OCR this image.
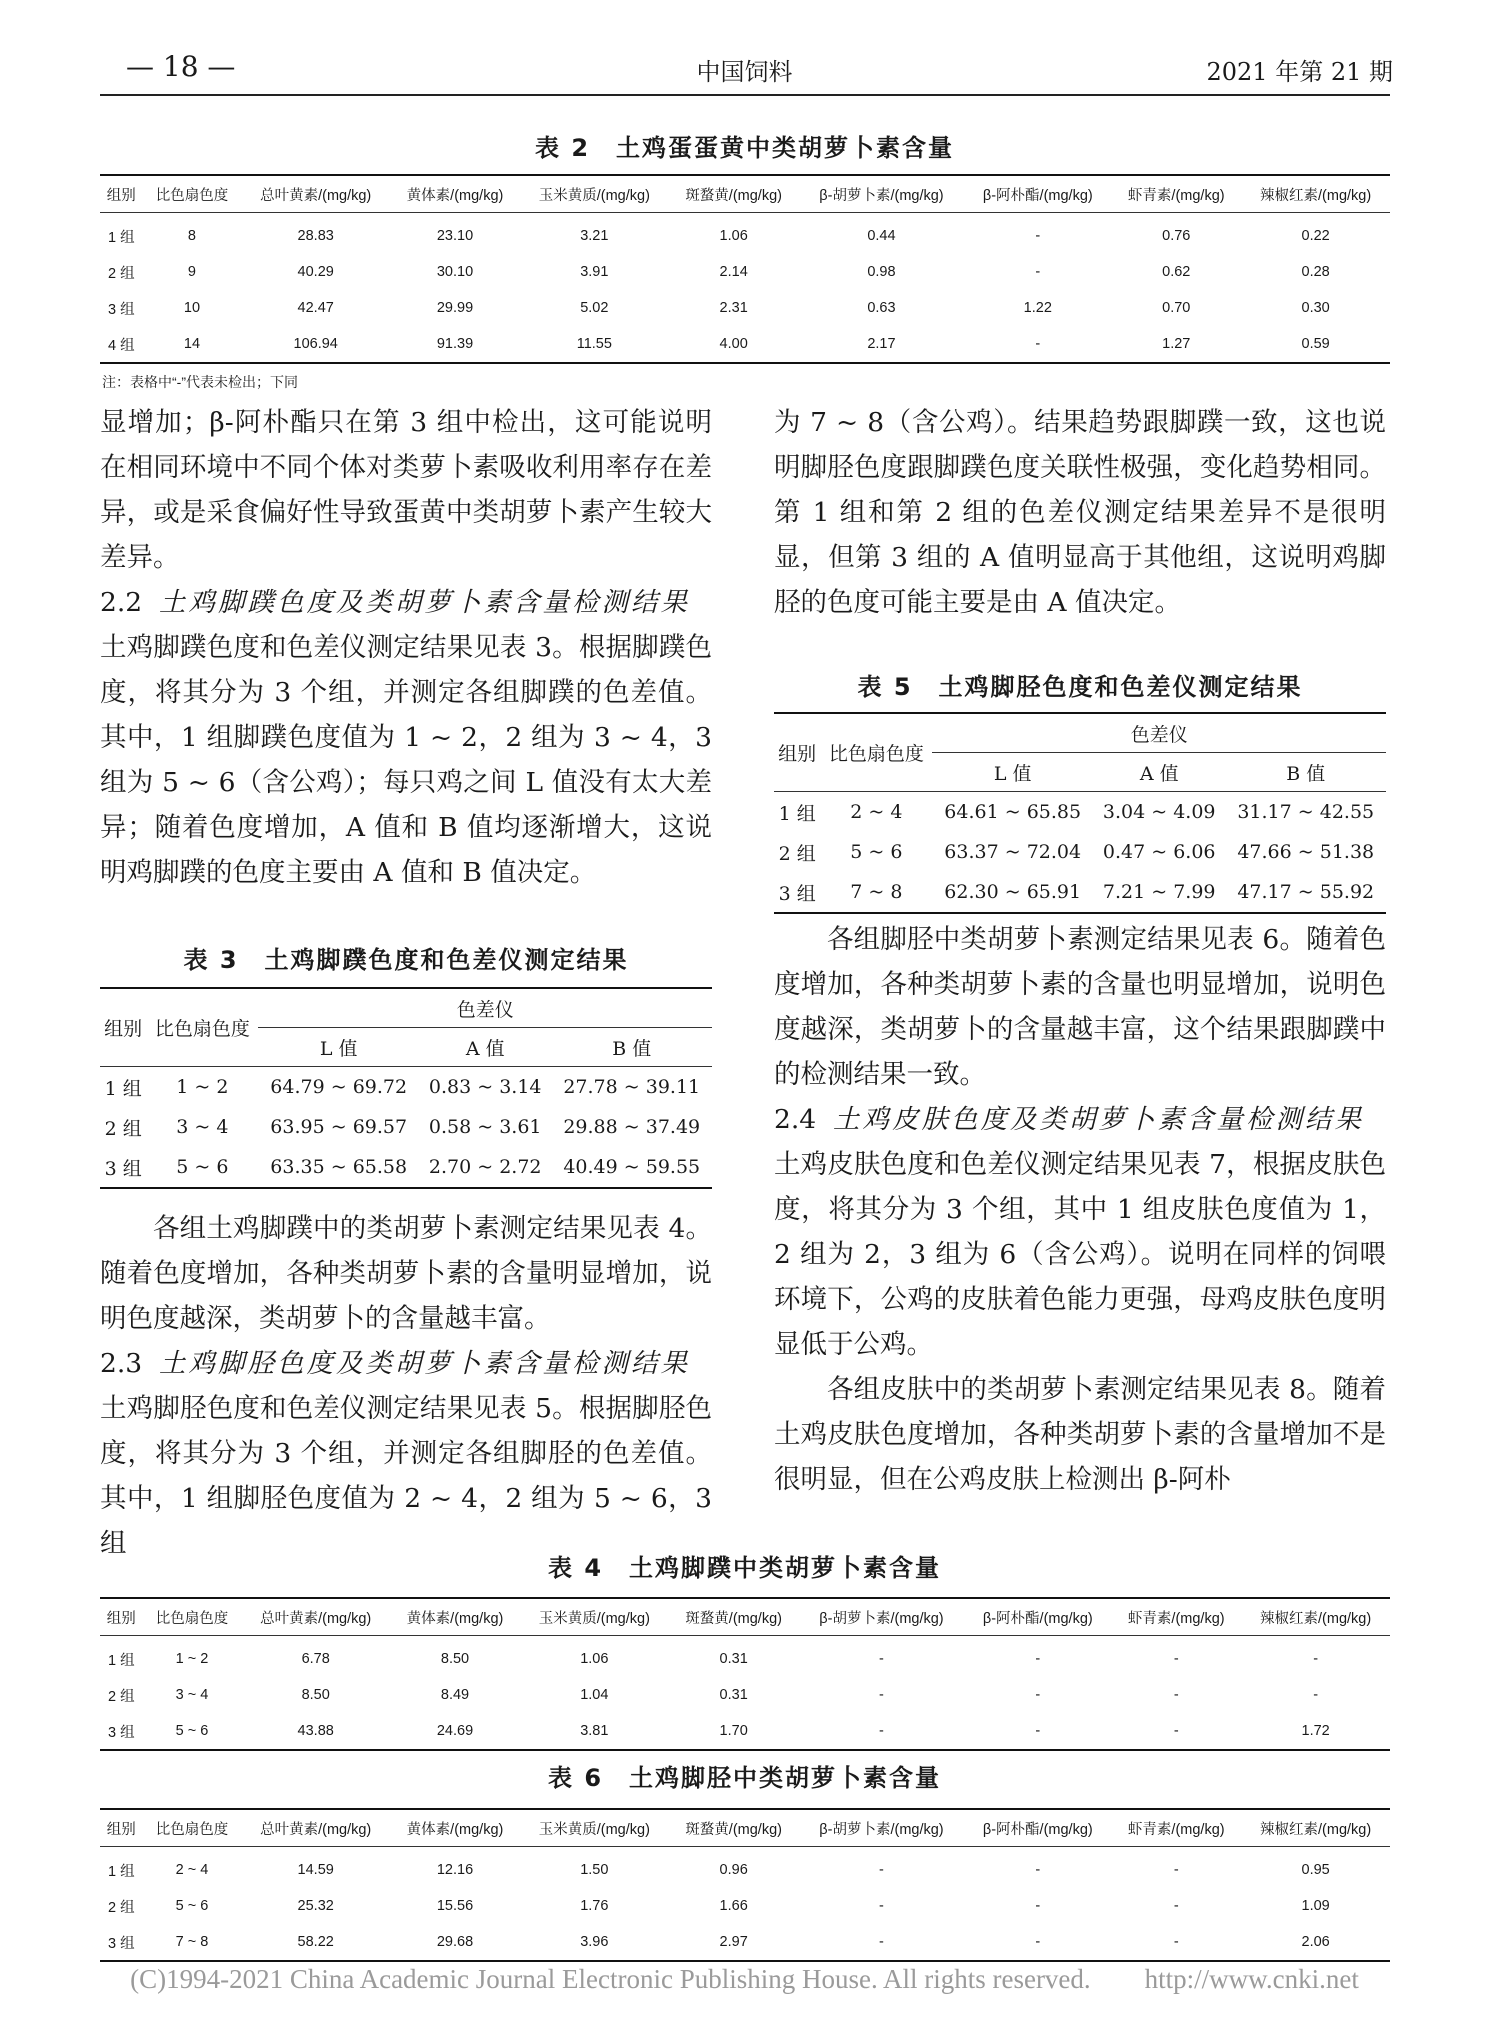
— 18 —	中国饲料	2021 年第 21 期
表 2　土鸡蛋蛋黄中类胡萝卜素含量
组别	比色扇色度	总叶黄素/(mg/kg)	黄体素/(mg/kg)	玉米黄质/(mg/kg)	斑蝥黄/(mg/kg)	β-胡萝卜素/(mg/kg)	β-阿朴酯/(mg/kg)	虾青素/(mg/kg)	辣椒红素/(mg/kg)
1 组	8	28.83	23.10	3.21	1.06	0.44	-	0.76	0.22
2 组	9	40.29	30.10	3.91	2.14	0.98	-	0.62	0.28
3 组	10	42.47	29.99	5.02	2.31	0.63	1.22	0.70	0.30
4 组	14	106.94	91.39	11.55	4.00	2.17	-	1.27	0.59
注：表格中“-”代表未检出；下同

显增加；β-阿朴酯只在第 3 组中检出，这可能说明在相同环境中不同个体对类萝卜素吸收利用率存在差异，或是采食偏好性导致蛋黄中类胡萝卜素产生较大差异。

2.2 土鸡脚蹼色度及类胡萝卜素含量检测结果

土鸡脚蹼色度和色差仪测定结果见表 3。根据脚蹼色度，将其分为 3 个组，并测定各组脚蹼的色差值。其中，1 组脚蹼色度值为 1 ~ 2，2 组为 3 ~ 4，3 组为 5 ~ 6（含公鸡）；每只鸡之间 L 值没有太大差异；随着色度增加，A 值和 B 值均逐渐增大，这说明鸡脚蹼的色度主要由 A 值和 B 值决定。

表 3　土鸡脚蹼色度和色差仪测定结果
组别	比色扇色度	色差仪		
		L 值	A 值	B 值
1 组	1 ~ 2	64.79 ~ 69.72	0.83 ~ 3.14	27.78 ~ 39.11
2 组	3 ~ 4	63.95 ~ 69.57	0.58 ~ 3.61	29.88 ~ 37.49
3 组	5 ~ 6	63.35 ~ 65.58	2.70 ~ 2.72	40.49 ~ 59.55

各组土鸡脚蹼中的类胡萝卜素测定结果见表 4。随着色度增加，各种类胡萝卜素的含量明显增加，说明色度越深，类胡萝卜的含量越丰富。

2.3 土鸡脚胫色度及类胡萝卜素含量检测结果

土鸡脚胫色度和色差仪测定结果见表 5。根据脚胫色度，将其分为 3 个组，并测定各组脚胫的色差值。其中，1 组脚胫色度值为 2 ~ 4，2 组为 5 ~ 6，3 组

为 7 ~ 8（含公鸡）。结果趋势跟脚蹼一致，这也说明脚胫色度跟脚蹼色度关联性极强，变化趋势相同。第 1 组和第 2 组的色差仪测定结果差异不是很明显，但第 3 组的 A 值明显高于其他组，这说明鸡脚胫的色度可能主要是由 A 值决定。

表 5　土鸡脚胫色度和色差仪测定结果
组别	比色扇色度	色差仪		
		L 值	A 值	B 值
1 组	2 ~ 4	64.61 ~ 65.85	3.04 ~ 4.09	31.17 ~ 42.55
2 组	5 ~ 6	63.37 ~ 72.04	0.47 ~ 6.06	47.66 ~ 51.38
3 组	7 ~ 8	62.30 ~ 65.91	7.21 ~ 7.99	47.17 ~ 55.92

各组脚胫中类胡萝卜素测定结果见表 6。随着色度增加，各种类胡萝卜素的含量也明显增加，说明色度越深，类胡萝卜的含量越丰富，这个结果跟脚蹼中的检测结果一致。

2.4 土鸡皮肤色度及类胡萝卜素含量检测结果

土鸡皮肤色度和色差仪测定结果见表 7，根据皮肤色度，将其分为 3 个组，其中 1 组皮肤色度值为 1，2 组为 2，3 组为 6（含公鸡）。说明在同样的饲喂环境下，公鸡的皮肤着色能力更强，母鸡皮肤色度明显低于公鸡。

各组皮肤中的类胡萝卜素测定结果见表 8。随着土鸡皮肤色度增加，各种类胡萝卜素的含量增加不是很明显，但在公鸡皮肤上检测出 β-阿朴

表 4　土鸡脚蹼中类胡萝卜素含量
组别	比色扇色度	总叶黄素/(mg/kg)	黄体素/(mg/kg)	玉米黄质/(mg/kg)	斑蝥黄/(mg/kg)	β-胡萝卜素/(mg/kg)	β-阿朴酯/(mg/kg)	虾青素/(mg/kg)	辣椒红素/(mg/kg)
1 组	1 ~ 2	6.78	8.50	1.06	0.31	-	-	-	-
2 组	3 ~ 4	8.50	8.49	1.04	0.31	-	-	-	-
3 组	5 ~ 6	43.88	24.69	3.81	1.70	-	-	-	1.72
表 6　土鸡脚胫中类胡萝卜素含量
组别	比色扇色度	总叶黄素/(mg/kg)	黄体素/(mg/kg)	玉米黄质/(mg/kg)	斑蝥黄/(mg/kg)	β-胡萝卜素/(mg/kg)	β-阿朴酯/(mg/kg)	虾青素/(mg/kg)	辣椒红素/(mg/kg)
1 组	2 ~ 4	14.59	12.16	1.50	0.96	-	-	-	0.95
2 组	5 ~ 6	25.32	15.56	1.76	1.66	-	-	-	1.09
3 组	7 ~ 8	58.22	29.68	3.96	2.97	-	-	-	2.06
(C)1994-2021 China Academic Journal Electronic Publishing House. All rights reserved.　　http://www.cnki.net
